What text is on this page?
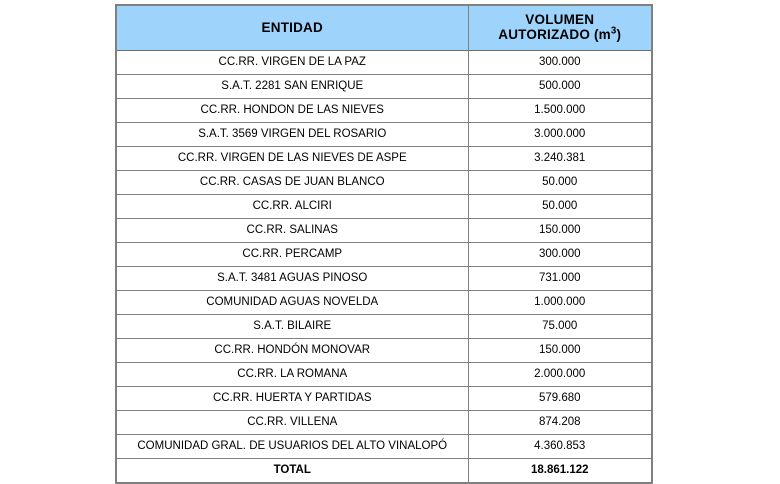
ENTIDAD	VOLUMEN
AUTORIZADO $(m^3)$

CC.RR. VIRGEN DE LA PAZ	300.000
S.A.T. 2281 SAN ENRIQUE	500.000
CC.RR. HONDON DE LAS NIEVES	1.500.000
S.A.T. 3569 VIRGEN DEL ROSARIO	3.000.000
CC.RR. VIRGEN DE LAS NIEVES DE ASPE	3.240.381
CC.RR. CASAS DE JUAN BLANCO	50.000
CC.RR. ALCIRI	50.000
CC.RR. SALINAS	150.000
CC.RR. PERCAMP	300.000
S.A.T. 3481 AGUAS PINOSO	731.000
COMUNIDAD AGUAS NOVELDA	1.000.000
S.A.T. BILAIRE	75.000
CC.RR. HONDÓN MONOVAR	150.000
CC.RR. LA ROMANA	2.000.000
CC.RR. HUERTA Y PARTIDAS	579.680
CC.RR. VILLENA	874.208
COMUNIDAD GRAL. DE USUARIOS DEL ALTO VINALOPÓ	4.360.853
TOTAL	18.861.122
